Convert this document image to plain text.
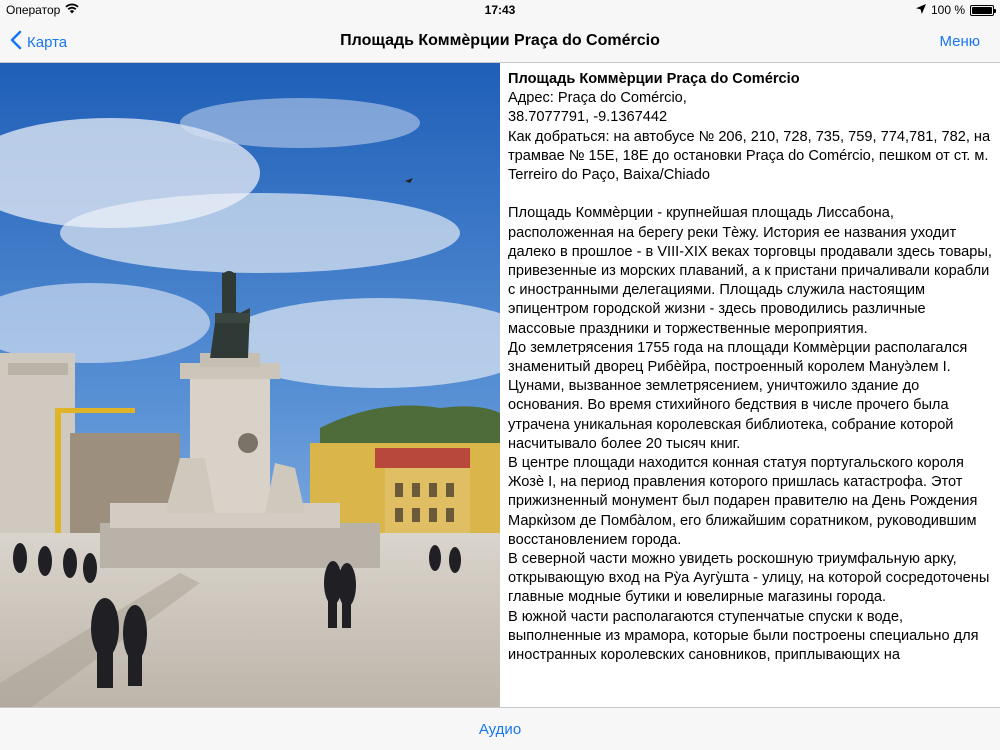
Оператор	17:43	100 %
Карта	Площадь Коммèрции Praça do Comércio	Меню

Площадь Коммѐрции Praça do Comércio

Адрес: Praça do Comércio,

38.7077791, -9.1367442

Как добраться: на автобусе № 206, 210, 728, 735, 759, 774,781, 782, на трамвае № 15E, 18E до остановки Praça do Comércio, пешком от ст. м. Terreiro do Paço, Baixa/Chiado

Площадь Коммѐрции - крупнейшая площадь Лиссабона, расположенная на берегу реки Тѐжу. История ее названия уходит далеко в прошлое - в VIII-XIX веках торговцы продавали здесь товары, привезенные из морских плаваний, а к пристани причаливали корабли с иностранными делегациями. Площадь служила настоящим эпицентром городской жизни - здесь проводились различные массовые праздники и торжественные мероприятия.

До землетрясения 1755 года на площади Коммѐрции располагался знаменитый дворец Рибѐйра, построенный королем Мануэ̀лем I. Цунами, вызванное землетрясением, уничтожило здание до основания. Во время стихийного бедствия в числе прочего была утрачена уникальная королевская библиотека, собрание которой насчитывало более 20 тысяч книг.

В центре площади находится конная статуя португальского короля Жозѐ I, на период правления которого пришлась катастрофа. Этот прижизненный монумент был подарен правителю на День Рождения Маркѝзом де Помба̀лом, его ближайшим соратником, руководившим восстановлением города.

В северной части можно увидеть роскошную триумфальную арку, открывающую вход на Ру̀а Аугу̀шта - улицу, на которой сосредоточены главные модные бутики и ювелирные магазины города.

В южной части располагаются ступенчатые спуски к воде, выполненные из мрамора, которые были построены специально для иностранных королевских сановников, приплывающих на

Аудио
